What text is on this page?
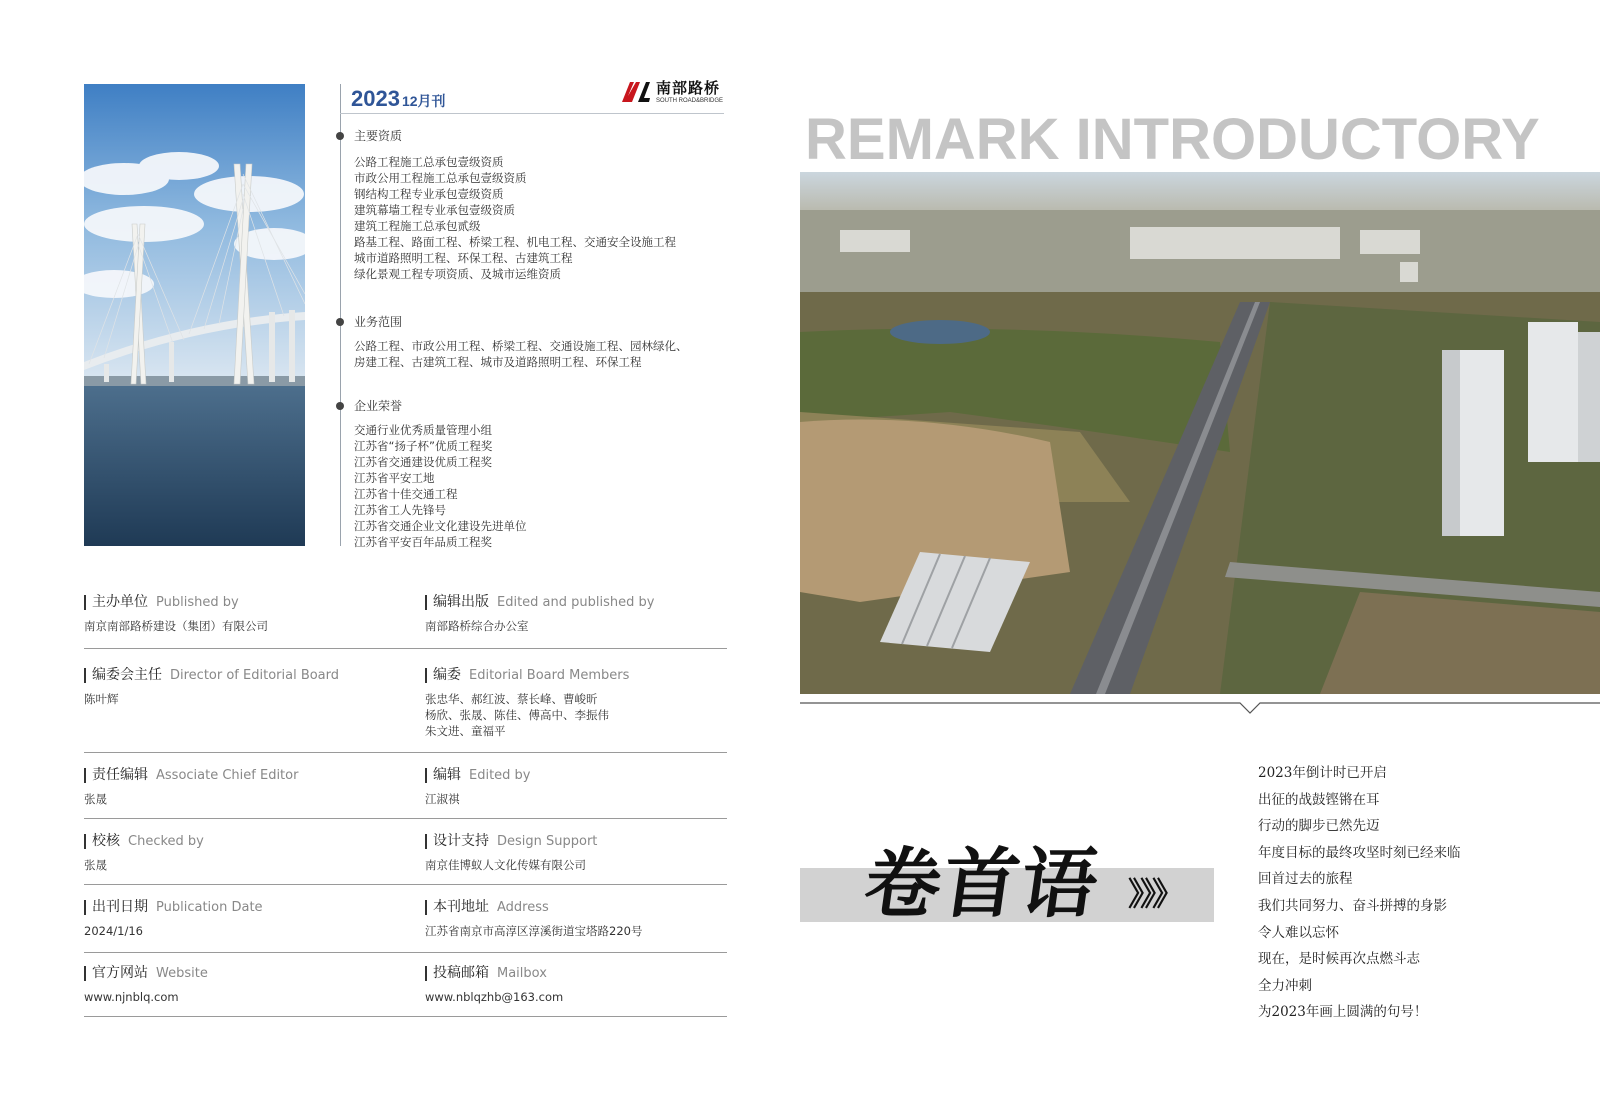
2023 12月刊
南部路桥
SOUTH ROAD&BRIDGE
主要资质
公路工程施工总承包壹级资质
市政公用工程施工总承包壹级资质
钢结构工程专业承包壹级资质
建筑幕墙工程专业承包壹级资质
建筑工程施工总承包贰级
路基工程、路面工程、桥梁工程、机电工程、交通安全设施工程
城市道路照明工程、环保工程、古建筑工程
绿化景观工程专项资质、及城市运维资质
业务范围
公路工程、市政公用工程、桥梁工程、交通设施工程、园林绿化、房建工程、古建筑工程、城市及道路照明工程、环保工程
企业荣誉
交通行业优秀质量管理小组
江苏省“扬子杯”优质工程奖
江苏省交通建设优质工程奖
江苏省平安工地
江苏省十佳交通工程
江苏省工人先锋号
江苏省交通企业文化建设先进单位
江苏省平安百年品质工程奖
主办单位 Published by
南京南部路桥建设（集团）有限公司
编辑出版 Edited and published by
南部路桥综合办公室
编委会主任 Director of Editorial Board
陈叶辉
编委 Editorial Board Members
张忠华、郝红波、蔡长峰、曹峻昕
杨欣、张晟、陈佳、傅高中、李振伟
朱文进、童福平
责任编辑 Associate Chief Editor
张晟
编辑 Edited by
江淑祺
校核 Checked by
张晟
设计支持 Design Support
南京佳博蚁人文化传媒有限公司
出刊日期 Publication Date
2024/1/16
本刊地址 Address
江苏省南京市高淳区淳溪街道宝塔路220号
官方网站 Website
www.njnblq.com
投稿邮箱 Mailbox
www.nblqzhb@163.com
REMARK INTRODUCTORY
卷首语 》》》
2023年倒计时已开启
出征的战鼓铿锵在耳
行动的脚步已然先迈
年度目标的最终攻坚时刻已经来临
回首过去的旅程
我们共同努力、奋斗拼搏的身影
令人难以忘怀
现在，是时候再次点燃斗志
全力冲刺
为2023年画上圆满的句号！
